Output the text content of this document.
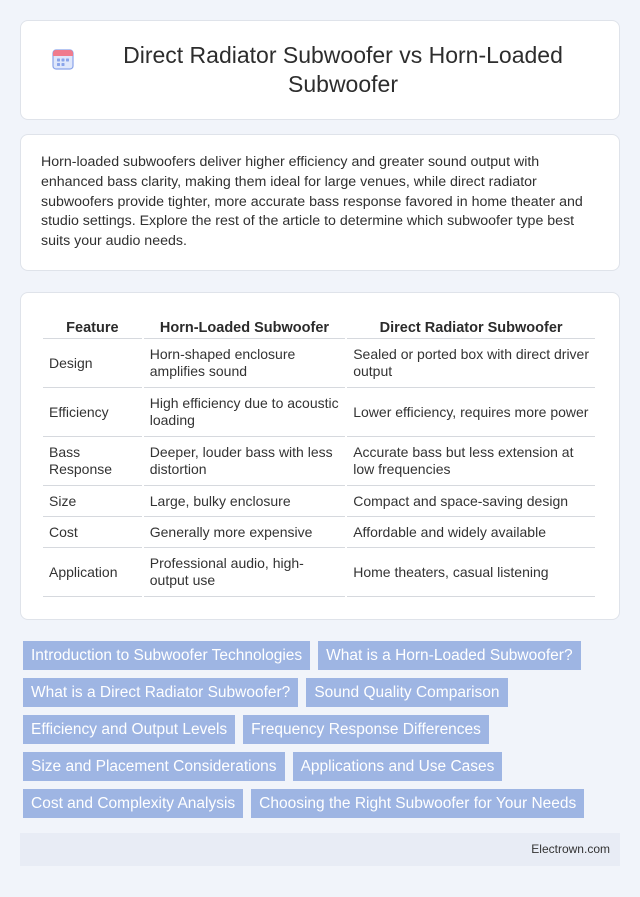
Direct Radiator Subwoofer vs Horn-Loaded Subwoofer

Horn-loaded subwoofers deliver higher efficiency and greater sound output with enhanced bass clarity, making them ideal for large venues, while direct radiator subwoofers provide tighter, more accurate bass response favored in home theater and studio settings. Explore the rest of the article to determine which subwoofer type best suits your audio needs.

Feature	Horn-Loaded Subwoofer	Direct Radiator Subwoofer
Design	Horn-shaped enclosure amplifies sound	Sealed or ported box with direct driver output
Efficiency	High efficiency due to acoustic loading	Lower efficiency, requires more power
Bass Response	Deeper, louder bass with less distortion	Accurate bass but less extension at low frequencies
Size	Large, bulky enclosure	Compact and space-saving design
Cost	Generally more expensive	Affordable and widely available
Application	Professional audio, high-output use	Home theaters, casual listening
Introduction to Subwoofer Technologies	What is a Horn-Loaded Subwoofer?
What is a Direct Radiator Subwoofer?	Sound Quality Comparison
Efficiency and Output Levels	Frequency Response Differences
Size and Placement Considerations	Applications and Use Cases
Cost and Complexity Analysis	Choosing the Right Subwoofer for Your Needs
Electrown.com
